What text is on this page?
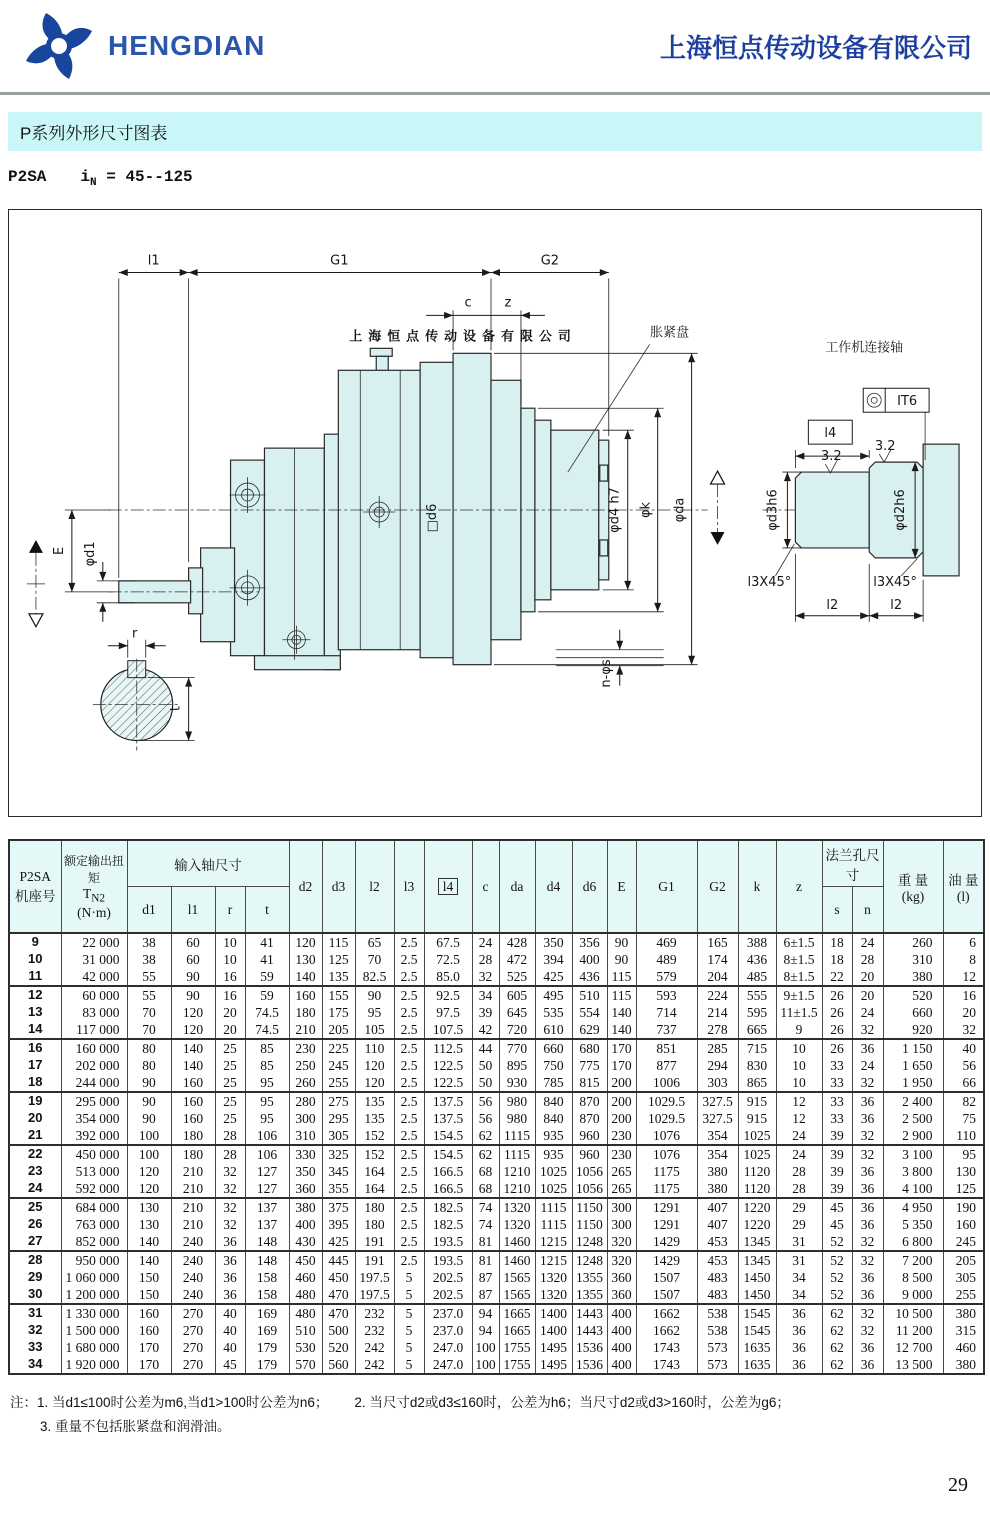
HENGDIAN	上海恒点传动设备有限公司
P系列外形尺寸图表
P2SA $i_N = 45--125$
上海恒点传动设备有限公司
l1	G1	G2
c	z
胀紧盘
φd4 h7 φk φda
□d6
n-φs
E φd1
工作机连接轴
IT6
l4
3.2
3.2
φd3h6	φd2h6
l3X45°	l3X45°
l2	l2
r
t
P2SA
机座号

额定输出扭矩
$T_{N2}$
(N·m)
	输入轴尺寸	d2	d3	l2	l3	l4	c	da	d4	d6	E	G1	G2	k	z	法兰孔尺寸	重 量
(kg)

油 量
(l)

		d1	l1	r	t															s	n		
9	22 000	38	60	10	41	120	115	65	2.5	67.5	24	428	350	356	90	469	165	388	6±1.5	18	24	260	6
10	31 000	38	60	10	41	130	125	70	2.5	72.5	28	472	394	400	90	489	174	436	8±1.5	18	28	310	8
11	42 000	55	90	16	59	140	135	82.5	2.5	85.0	32	525	425	436	115	579	204	485	8±1.5	22	20	380	12
12	60 000	55	90	16	59	160	155	90	2.5	92.5	34	605	495	510	115	593	224	555	9±1.5	26	20	520	16
13	83 000	70	120	20	74.5	180	175	95	2.5	97.5	39	645	535	554	140	714	214	595	11±1.5	26	24	660	20
14	117 000	70	120	20	74.5	210	205	105	2.5	107.5	42	720	610	629	140	737	278	665	9	26	32	920	32
16	160 000	80	140	25	85	230	225	110	2.5	112.5	44	770	660	680	170	851	285	715	10	26	36	1 150	40
17	202 000	80	140	25	85	250	245	120	2.5	122.5	50	895	750	775	170	877	294	830	10	33	24	1 650	56
18	244 000	90	160	25	95	260	255	120	2.5	122.5	50	930	785	815	200	1006	303	865	10	33	32	1 950	66
19	295 000	90	160	25	95	280	275	135	2.5	137.5	56	980	840	870	200	1029.5	327.5	915	12	33	36	2 400	82
20	354 000	90	160	25	95	300	295	135	2.5	137.5	56	980	840	870	200	1029.5	327.5	915	12	33	36	2 500	75
21	392 000	100	180	28	106	310	305	152	2.5	154.5	62	1115	935	960	230	1076	354	1025	24	39	32	2 900	110
22	450 000	100	180	28	106	330	325	152	2.5	154.5	62	1115	935	960	230	1076	354	1025	24	39	32	3 100	95
23	513 000	120	210	32	127	350	345	164	2.5	166.5	68	1210	1025	1056	265	1175	380	1120	28	39	36	3 800	130
24	592 000	120	210	32	127	360	355	164	2.5	166.5	68	1210	1025	1056	265	1175	380	1120	28	39	36	4 100	125
25	684 000	130	210	32	137	380	375	180	2.5	182.5	74	1320	1115	1150	300	1291	407	1220	29	45	36	4 950	190
26	763 000	130	210	32	137	400	395	180	2.5	182.5	74	1320	1115	1150	300	1291	407	1220	29	45	36	5 350	160
27	852 000	140	240	36	148	430	425	191	2.5	193.5	81	1460	1215	1248	320	1429	453	1345	31	52	32	6 800	245
28	950 000	140	240	36	148	450	445	191	2.5	193.5	81	1460	1215	1248	320	1429	453	1345	31	52	32	7 200	205
29	1 060 000	150	240	36	158	460	450	197.5	5	202.5	87	1565	1320	1355	360	1507	483	1450	34	52	36	8 500	305
30	1 200 000	150	240	36	158	480	470	197.5	5	202.5	87	1565	1320	1355	360	1507	483	1450	34	52	36	9 000	255
31	1 330 000	160	270	40	169	480	470	232	5	237.0	94	1665	1400	1443	400	1662	538	1545	36	62	32	10 500	380
32	1 500 000	160	270	40	169	510	500	232	5	237.0	94	1665	1400	1443	400	1662	538	1545	36	62	32	11 200	315
33	1 680 000	170	270	40	179	530	520	242	5	247.0	100	1755	1495	1536	400	1743	573	1635	36	62	36	12 700	460
34	1 920 000	170	270	45	179	570	560	242	5	247.0	100	1755	1495	1536	400	1743	573	1635	36	62	36	13 500	380
注：1. 当d1≤100时公差为m6,当d1>100时公差为n6； 2. 当尺寸d2或d3≤160时，公差为h6；当尺寸d2或d3>160时，公差为g6；
3. 重量不包括胀紧盘和润滑油。
29
